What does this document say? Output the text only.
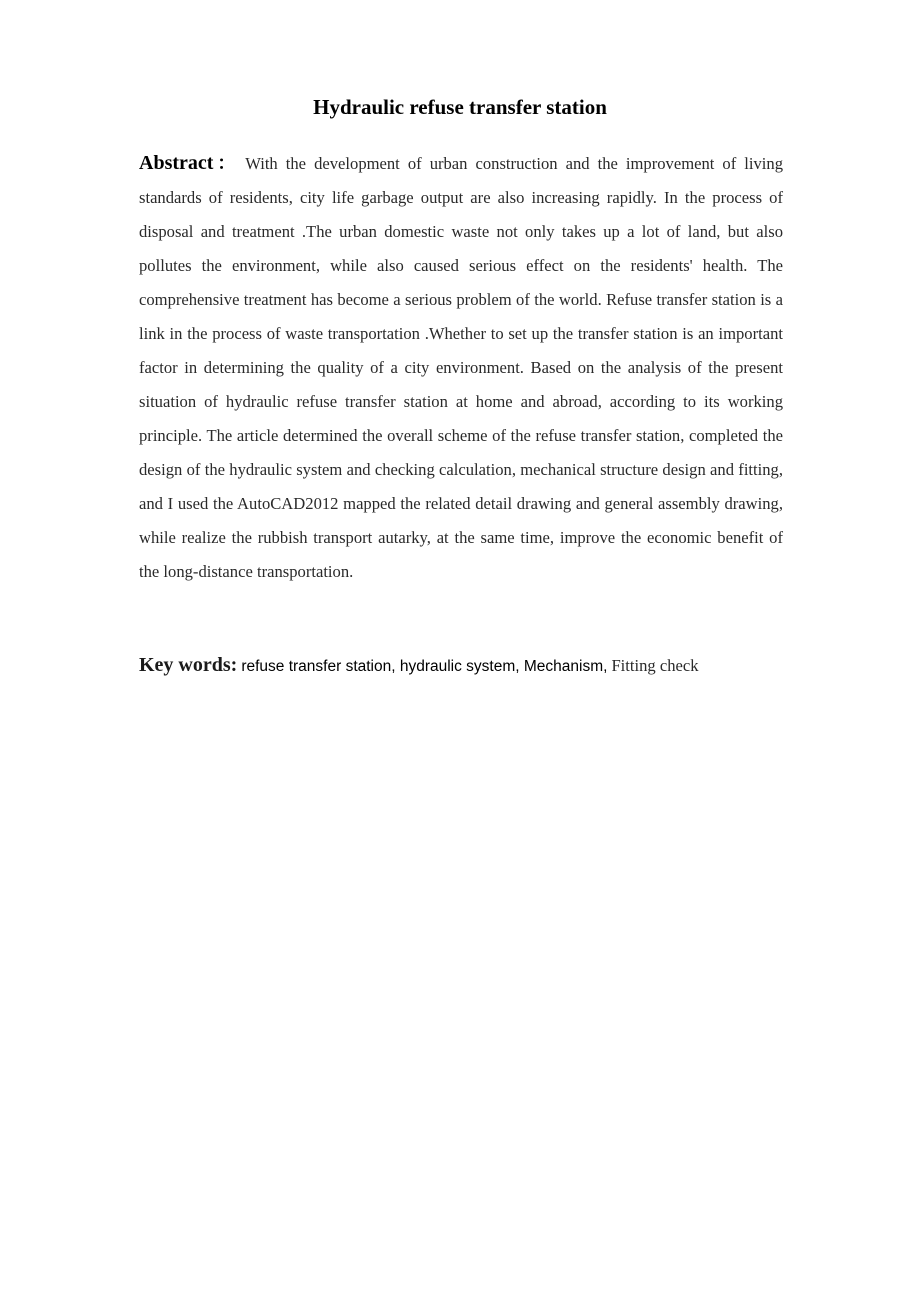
Hydraulic refuse transfer station

Abstract： With the development of urban construction and the improvement of living standards of residents, city life garbage output are also increasing rapidly. In the process of disposal and treatment .The urban domestic waste not only takes up a lot of land, but also pollutes the environment, while also caused serious effect on the residents' health. The comprehensive treatment has become a serious problem of the world. Refuse transfer station is a link in the process of waste transportation .Whether to set up the transfer station is an important factor in determining the quality of a city environment. Based on the analysis of the present situation of hydraulic refuse transfer station at home and abroad, according to its working principle. The article determined the overall scheme of the refuse transfer station, completed the design of the hydraulic system and checking calculation, mechanical structure design and fitting, and I used the AutoCAD2012 mapped the related detail drawing and general assembly drawing, while realize the rubbish transport autarky, at the same time, improve the economic benefit of the long-distance transportation.

Key words: refuse transfer station, hydraulic system, Mechanism, Fitting check
